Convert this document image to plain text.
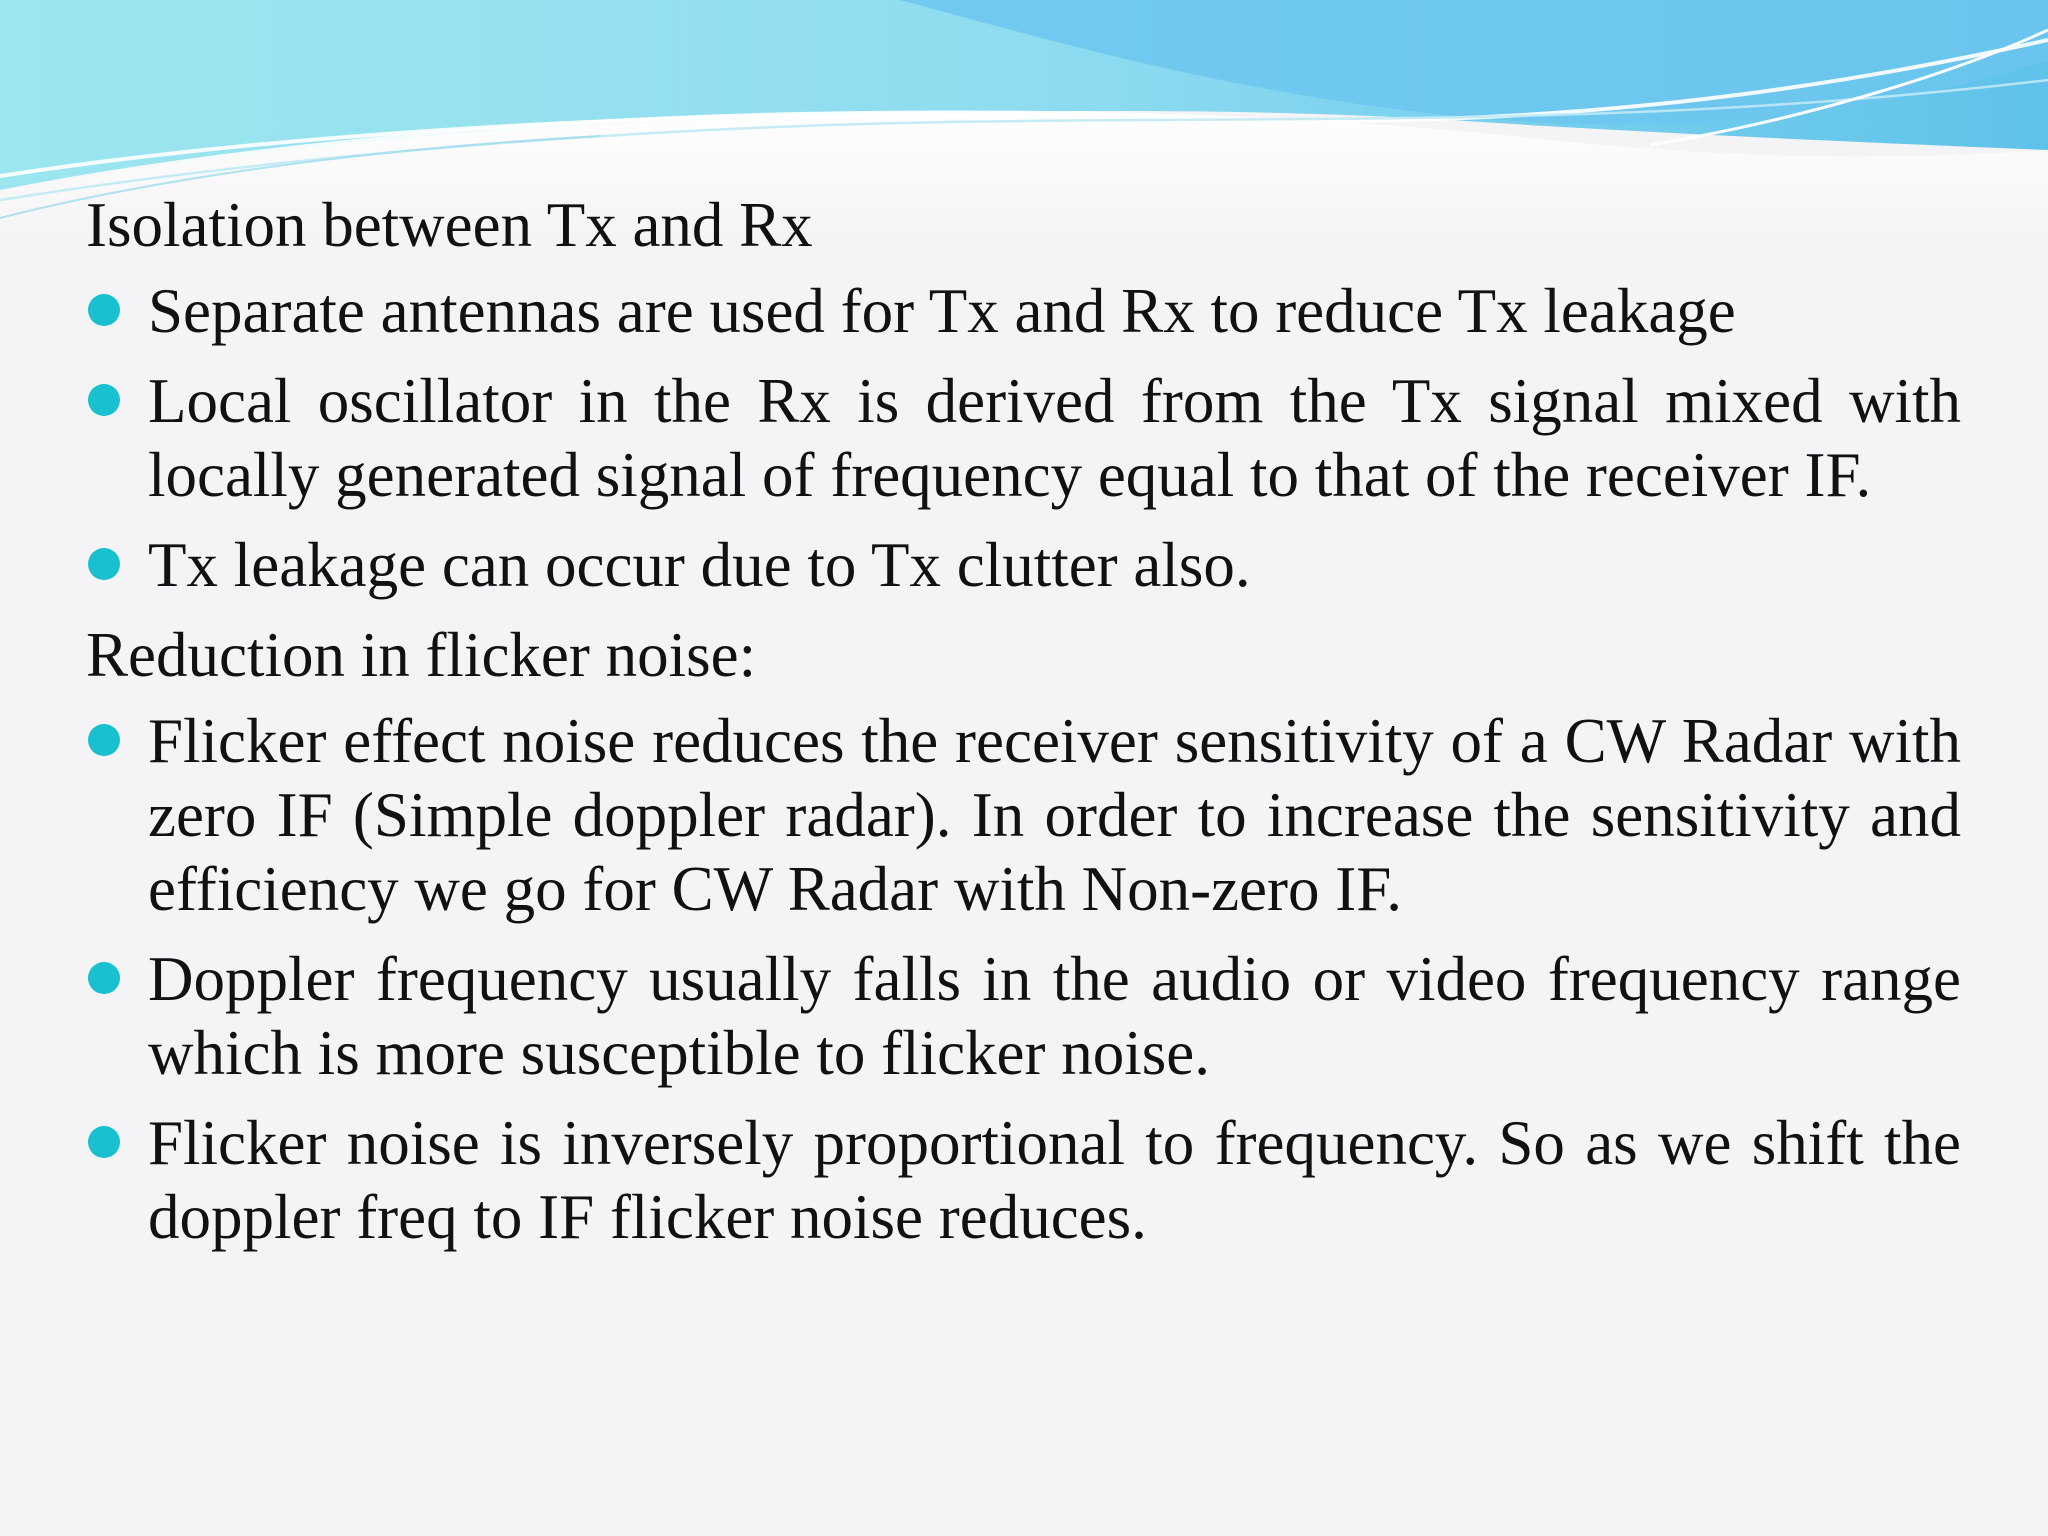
Isolation between Tx and Rx
Separate antennas are used for Tx and Rx to reduce Tx leakage
Local oscillator in the Rx is derived from the Tx signal mixed with locally generated signal of frequency equal to that of the receiver IF.
Tx leakage can occur due to Tx clutter also.
Reduction in flicker noise:
Flicker effect noise reduces the receiver sensitivity of a CW Radar with zero IF (Simple doppler radar). In order to increase the sensitivity and efficiency we go for CW Radar with Non-zero IF.
Doppler frequency usually falls in the audio or video frequency range which is more susceptible to flicker noise.
Flicker noise is inversely proportional to frequency. So as we shift the doppler freq to IF flicker noise reduces.
